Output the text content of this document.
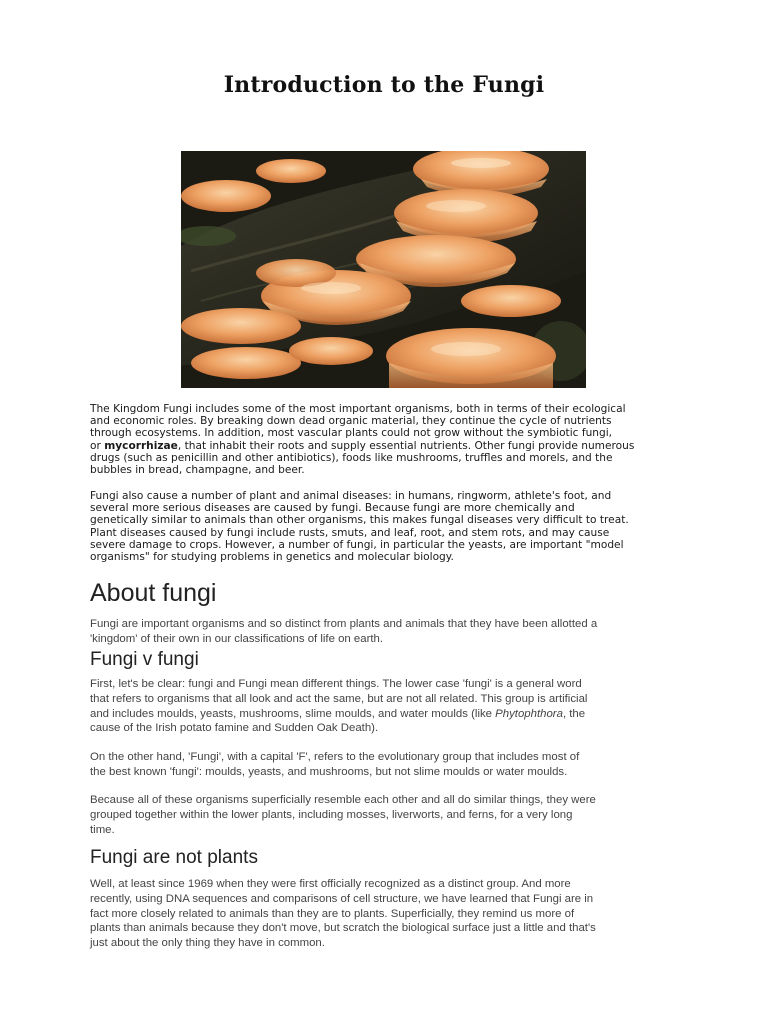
Introduction to the Fungi
The Kingdom Fungi includes some of the most important organisms, both in terms of their ecological
and economic roles. By breaking down dead organic material, they continue the cycle of nutrients
through ecosystems. In addition, most vascular plants could not grow without the symbiotic fungi,
or mycorrhizae, that inhabit their roots and supply essential nutrients. Other fungi provide numerous
drugs (such as penicillin and other antibiotics), foods like mushrooms, truffles and morels, and the
bubbles in bread, champagne, and beer.
Fungi also cause a number of plant and animal diseases: in humans, ringworm, athlete's foot, and
several more serious diseases are caused by fungi. Because fungi are more chemically and
genetically similar to animals than other organisms, this makes fungal diseases very difficult to treat.
Plant diseases caused by fungi include rusts, smuts, and leaf, root, and stem rots, and may cause
severe damage to crops. However, a number of fungi, in particular the yeasts, are important "model
organisms" for studying problems in genetics and molecular biology.
About fungi
Fungi are important organisms and so distinct from plants and animals that they have been allotted a
'kingdom' of their own in our classifications of life on earth.
Fungi v fungi
First, let's be clear: fungi and Fungi mean different things. The lower case 'fungi' is a general word
that refers to organisms that all look and act the same, but are not all related. This group is artificial
and includes moulds, yeasts, mushrooms, slime moulds, and water moulds (like Phytophthora, the
cause of the Irish potato famine and Sudden Oak Death).
On the other hand, 'Fungi', with a capital 'F', refers to the evolutionary group that includes most of
the best known 'fungi': moulds, yeasts, and mushrooms, but not slime moulds or water moulds.
Because all of these organisms superficially resemble each other and all do similar things, they were
grouped together within the lower plants, including mosses, liverworts, and ferns, for a very long
time.
Fungi are not plants
Well, at least since 1969 when they were first officially recognized as a distinct group. And more
recently, using DNA sequences and comparisons of cell structure, we have learned that Fungi are in
fact more closely related to animals than they are to plants. Superficially, they remind us more of
plants than animals because they don't move, but scratch the biological surface just a little and that's
just about the only thing they have in common.
